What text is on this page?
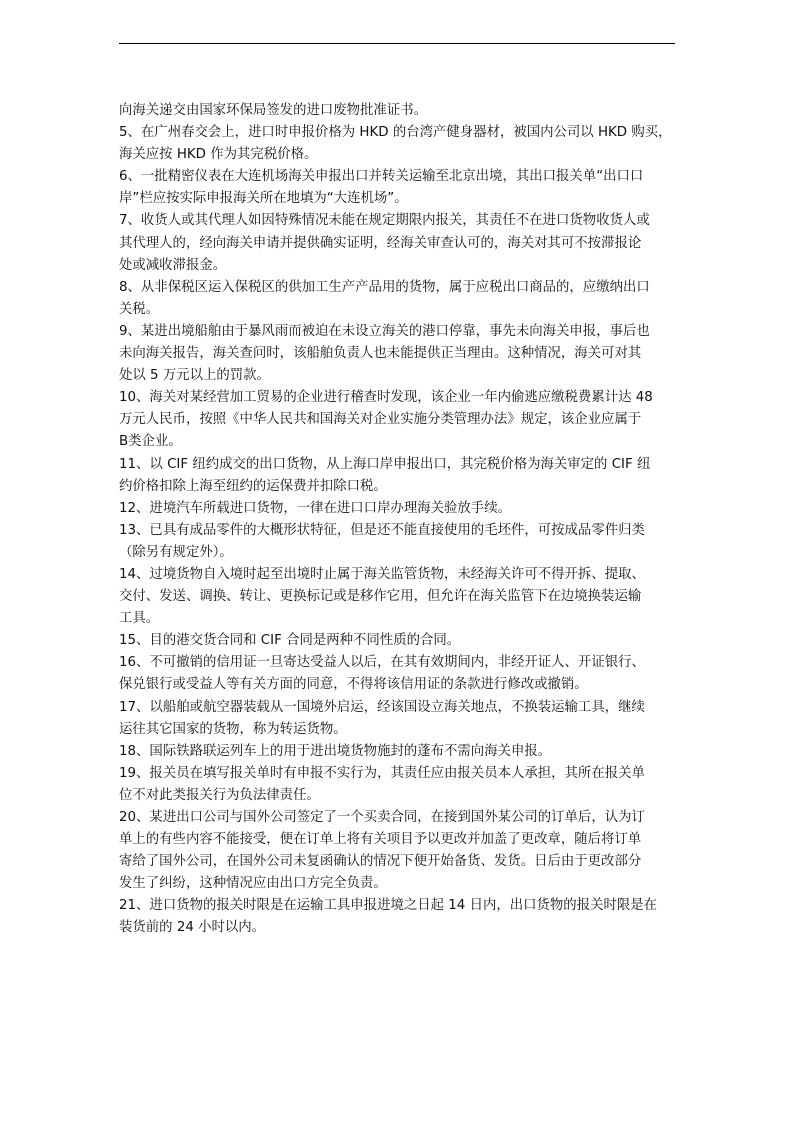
向海关递交由国家环保局签发的进口废物批准证书。
5、在广州春交会上，进口时申报价格为 HKD 的台湾产健身器材，被国内公司以 HKD 购买，
海关应按 HKD 作为其完税价格。
6、一批精密仪表在大连机场海关申报出口并转关运输至北京出境，其出口报关单“出口口
岸”栏应按实际申报海关所在地填为“大连机场”。
7、收货人或其代理人如因特殊情况未能在规定期限内报关，其责任不在进口货物收货人或
其代理人的，经向海关申请并提供确实证明，经海关审查认可的，海关对其可不按滞报论
处或减收滞报金。
8、从非保税区运入保税区的供加工生产产品用的货物，属于应税出口商品的，应缴纳出口
关税。
9、某进出境船舶由于暴风雨而被迫在未设立海关的港口停靠，事先未向海关申报，事后也
未向海关报告，海关查问时，该船舶负责人也未能提供正当理由。这种情况，海关可对其
处以 5 万元以上的罚款。
10、海关对某经营加工贸易的企业进行稽查时发现，该企业一年内偷逃应缴税费累计达 48
万元人民币，按照《中华人民共和国海关对企业实施分类管理办法》规定，该企业应属于
B类企业。
11、以 CIF 纽约成交的出口货物，从上海口岸申报出口，其完税价格为海关审定的 CIF 纽
约价格扣除上海至纽约的运保费并扣除口税。
12、进境汽车所载进口货物，一律在进口口岸办理海关验放手续。
13、已具有成品零件的大概形状特征，但是还不能直接使用的毛坯件，可按成品零件归类
（除另有规定外）。
14、过境货物自入境时起至出境时止属于海关监管货物，未经海关许可不得开拆、提取、
交付、发送、调换、转让、更换标记或是移作它用，但允许在海关监管下在边境换装运输
工具。
15、目的港交货合同和 CIF 合同是两种不同性质的合同。
16、不可撤销的信用证一旦寄达受益人以后，在其有效期间内，非经开证人、开证银行、
保兑银行或受益人等有关方面的同意，不得将该信用证的条款进行修改或撤销。
17、以船舶或航空器装载从一国境外启运，经该国设立海关地点，不换装运输工具，继续
运往其它国家的货物，称为转运货物。
18、国际铁路联运列车上的用于进出境货物施封的蓬布不需向海关申报。
19、报关员在填写报关单时有申报不实行为，其责任应由报关员本人承担，其所在报关单
位不对此类报关行为负法律责任。
20、某进出口公司与国外公司签定了一个买卖合同，在接到国外某公司的订单后，认为订
单上的有些内容不能接受，便在订单上将有关项目予以更改并加盖了更改章，随后将订单
寄给了国外公司，在国外公司未复函确认的情况下便开始备货、发货。日后由于更改部分
发生了纠纷，这种情况应由出口方完全负责。
21、进口货物的报关时限是在运输工具申报进境之日起 14 日内，出口货物的报关时限是在
装货前的 24 小时以内。
